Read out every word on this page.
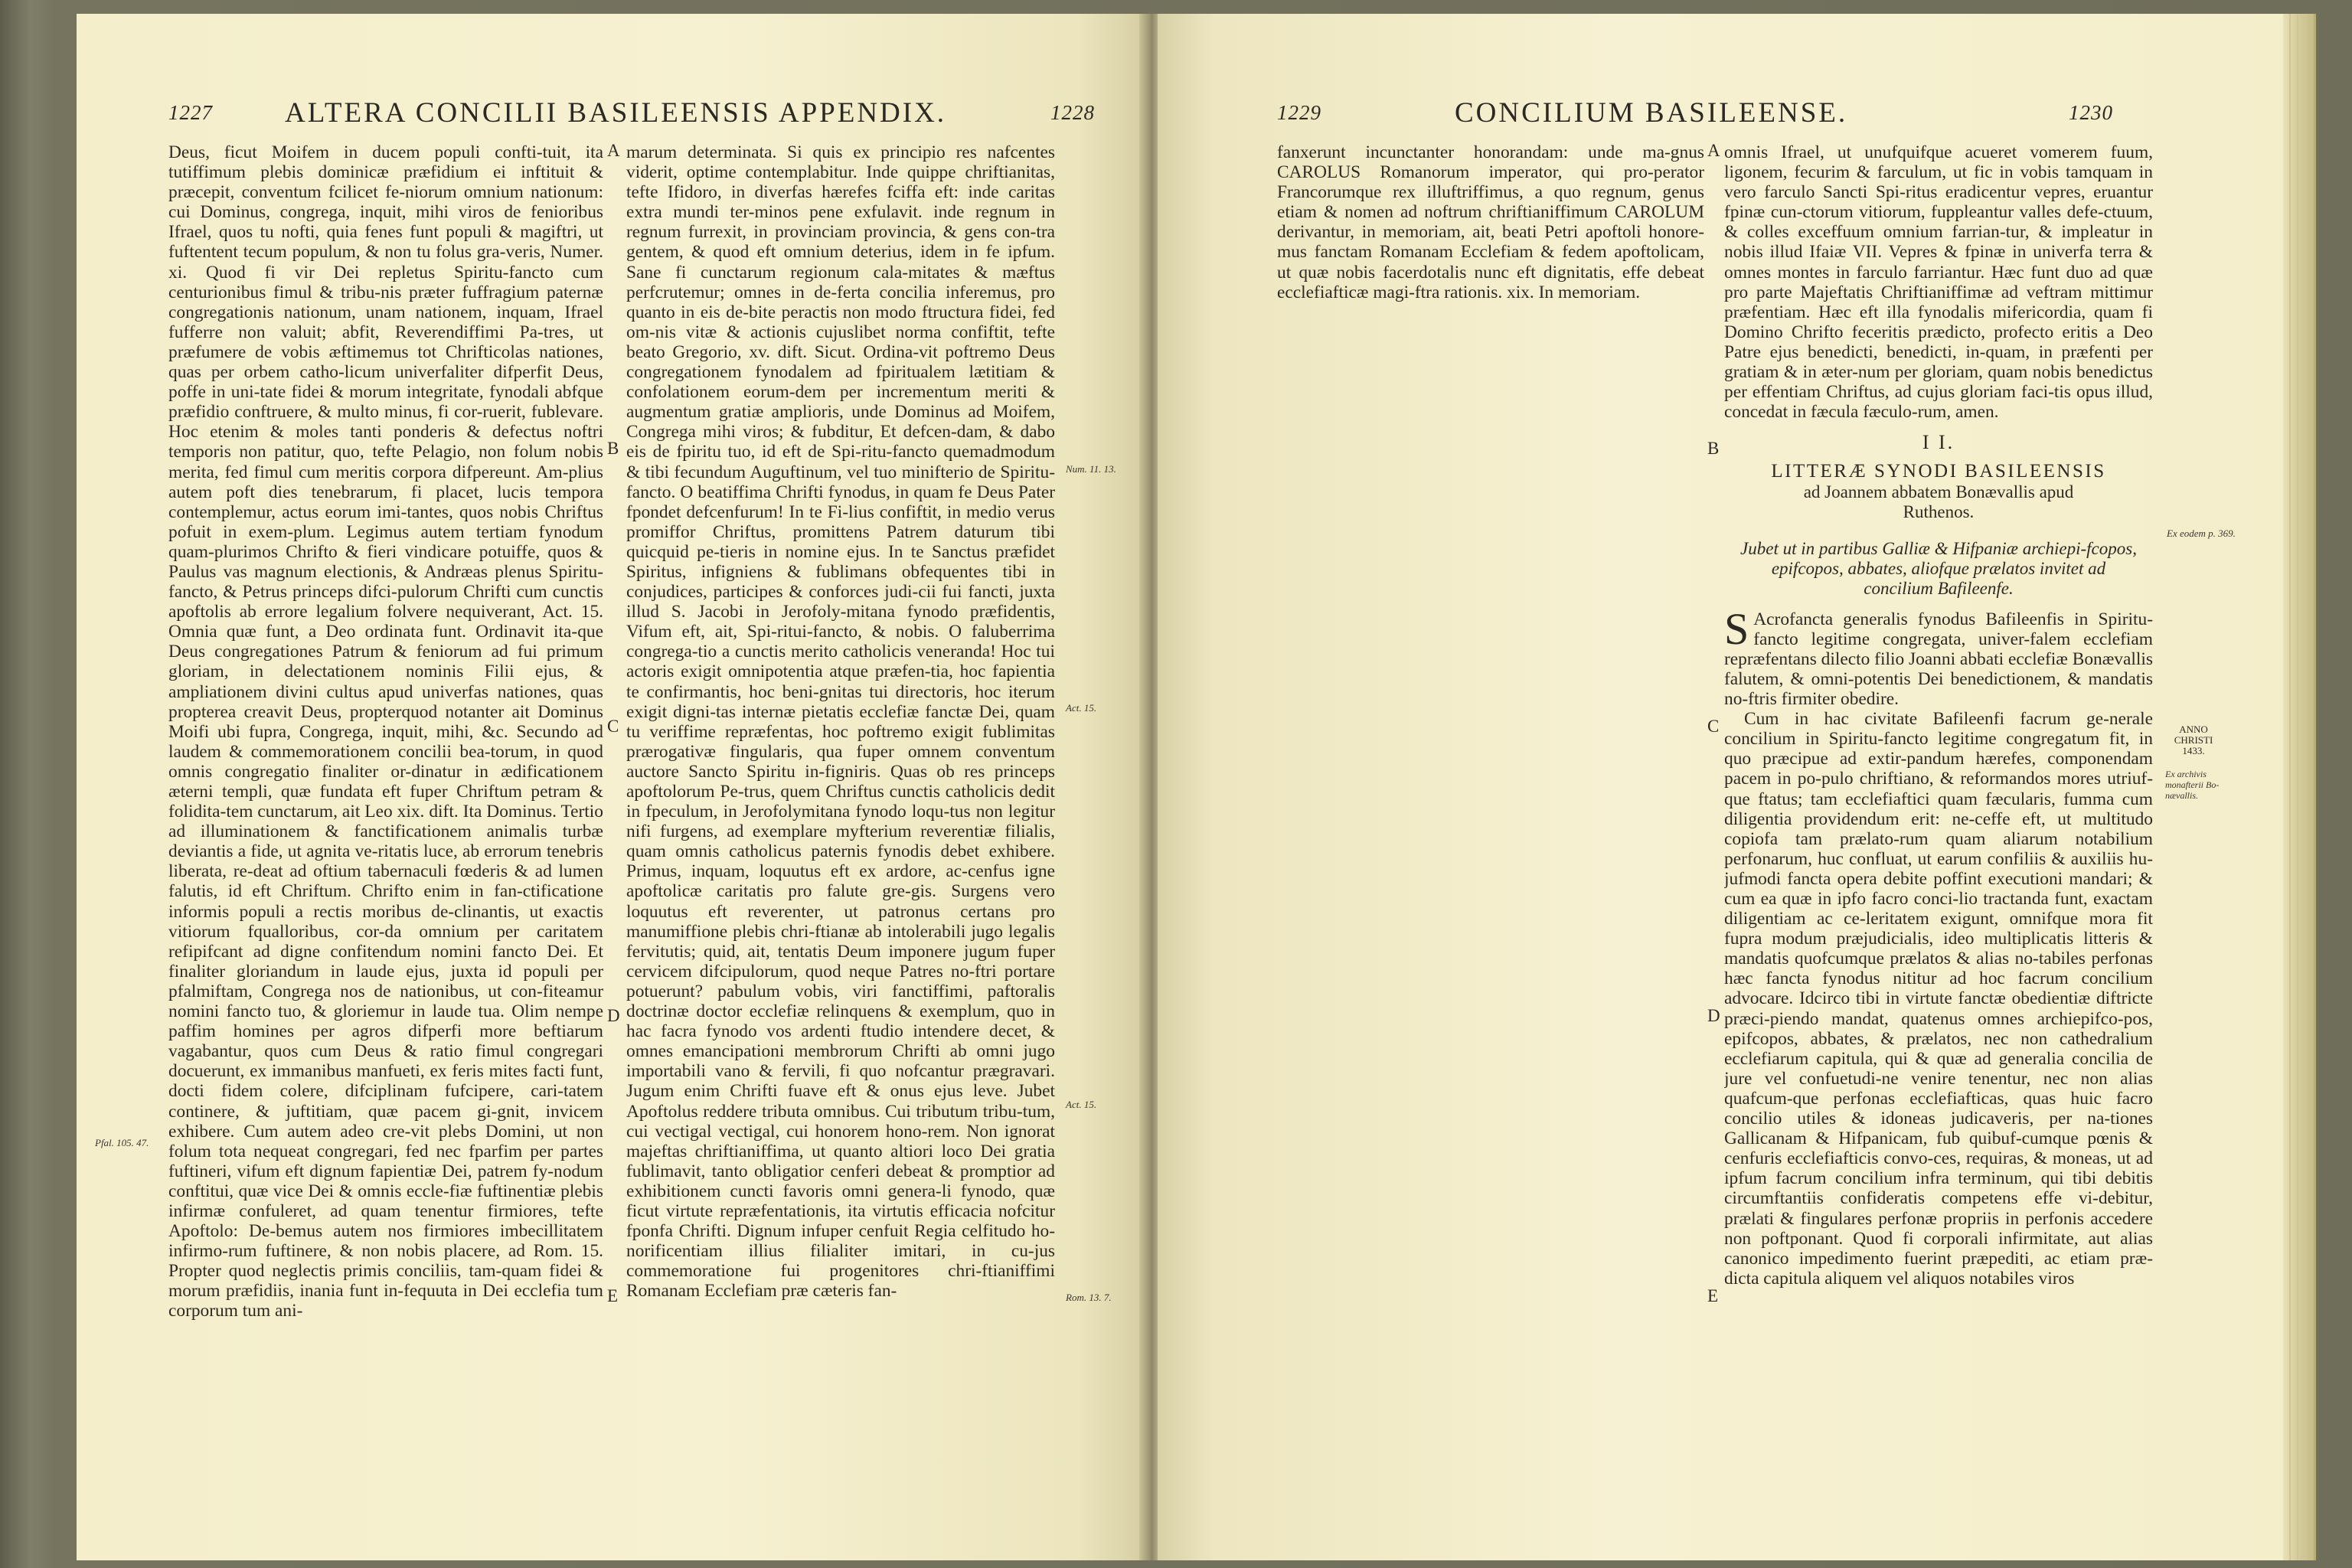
1227	ALTERA CONCILII BASILEENSIS APPENDIX.	1228

Deus, ficut Moifem in ducem populi confti-tuit, ita tutiffimum plebis dominicæ præfidium ei inftituit & præcepit, conventum fcilicet fe-niorum omnium nationum: cui Dominus, congrega, inquit, mihi viros de fenioribus Ifrael, quos tu nofti, quia fenes funt populi & magiftri, ut fuftentent tecum populum, & non tu folus gra-veris, Numer. xi. Quod fi vir Dei repletus Spiritu-fancto cum centurionibus fimul & tribu-nis præter fuffragium paternæ congregationis nationum, unam nationem, inquam, Ifrael fufferre non valuit; abfit, Reverendiffimi Pa-tres, ut præfumere de vobis æftimemus tot Chrifticolas nationes, quas per orbem catho-licum univerfaliter difperfit Deus, poffe in uni-tate fidei & morum integritate, fynodali abfque præfidio conftruere, & multo minus, fi cor-ruerit, fublevare. Hoc etenim & moles tanti ponderis & defectus noftri temporis non patitur, quo, tefte Pelagio, non folum nobis merita, fed fimul cum meritis corpora difpereunt. Am-plius autem poft dies tenebrarum, fi placet, lucis tempora contemplemur, actus eorum imi-tantes, quos nobis Chriftus pofuit in exem-plum. Legimus autem tertiam fynodum quam-plurimos Chrifto & fieri vindicare potuiffe, quos & Paulus vas magnum electionis, & Andræas plenus Spiritu-fancto, & Petrus princeps difci-pulorum Chrifti cum cunctis apoftolis ab errore legalium folvere nequiverant, Act. 15. Omnia quæ funt, a Deo ordinata funt. Ordinavit ita-que Deus congregationes Patrum & feniorum ad fui primum gloriam, in delectationem nominis Filii ejus, & ampliationem divini cultus apud univerfas nationes, quas propterea creavit Deus, propterquod notanter ait Dominus Moifi ubi fupra, Congrega, inquit, mihi, &c. Secundo ad laudem & commemorationem concilii bea-torum, in quod omnis congregatio finaliter or-dinatur in ædificationem æterni templi, quæ fundata eft fuper Chriftum petram & folidita-tem cunctarum, ait Leo xix. dift. Ita Dominus. Tertio ad illuminationem & fanctificationem animalis turbæ deviantis a fide, ut agnita ve-ritatis luce, ab errorum tenebris liberata, re-deat ad oftium tabernaculi fœderis & ad lumen falutis, id eft Chriftum. Chrifto enim in fan-ctificatione informis populi a rectis moribus de-clinantis, ut exactis vitiorum fqualloribus, cor-da omnium per caritatem refipifcant ad digne confitendum nomini fancto Dei. Et finaliter gloriandum in laude ejus, juxta id populi per pfalmiftam, Congrega nos de nationibus, ut con-fiteamur nomini fancto tuo, & gloriemur in laude tua. Olim nempe paffim homines per agros difperfi more beftiarum vagabantur, quos cum Deus & ratio fimul congregari docuerunt, ex immanibus manfueti, ex feris mites facti funt, docti fidem colere, difciplinam fufcipere, cari-tatem continere, & juftitiam, quæ pacem gi-gnit, invicem exhibere. Cum autem adeo cre-vit plebs Domini, ut non folum tota nequeat congregari, fed nec fparfim per partes fuftineri, vifum eft dignum fapientiæ Dei, patrem fy-nodum conftitui, quæ vice Dei & omnis eccle-fiæ fuftinentiæ plebis infirmæ confuleret, ad quam tenentur firmiores, tefte Apoftolo: De-bemus autem nos firmiores imbecillitatem infirmo-rum fuftinere, & non nobis placere, ad Rom. 15. Propter quod neglectis primis conciliis, tam-quam fidei & morum præfidiis, inania funt in-fequuta in Dei ecclefia tum corporum tum ani-

marum determinata. Si quis ex principio res nafcentes viderit, optime contemplabitur. Inde quippe chriftianitas, tefte Ifidoro, in diverfas hærefes fciffa eft: inde caritas extra mundi ter-minos pene exfulavit. inde regnum in regnum furrexit, in provinciam provincia, & gens con-tra gentem, & quod eft omnium deterius, idem in fe ipfum. Sane fi cunctarum regionum cala-mitates & mæftus perfcrutemur; omnes in de-ferta concilia inferemus, pro quanto in eis de-bite peractis non modo ftructura fidei, fed om-nis vitæ & actionis cujuslibet norma confiftit, tefte beato Gregorio, xv. dift. Sicut. Ordina-vit poftremo Deus congregationem fynodalem ad fpiritualem lætitiam & confolationem eorum-dem per incrementum meriti & augmentum gratiæ amplioris, unde Dominus ad Moifem, Congrega mihi viros; & fubditur, Et defcen-dam, & dabo eis de fpiritu tuo, id eft de Spi-ritu-fancto quemadmodum & tibi fecundum Auguftinum, vel tuo minifterio de Spiritu-fancto. O beatiffima Chrifti fynodus, in quam fe Deus Pater fpondet defcenfurum! In te Fi-lius confiftit, in medio verus promiffor Chriftus, promittens Patrem daturum tibi quicquid pe-tieris in nomine ejus. In te Sanctus præfidet Spiritus, infigniens & fublimans obfequentes tibi in conjudices, participes & conforces judi-cii fui fancti, juxta illud S. Jacobi in Jerofoly-mitana fynodo præfidentis, Vifum eft, ait, Spi-ritui-fancto, & nobis. O faluberrima congrega-tio a cunctis merito catholicis veneranda! Hoc tui actoris exigit omnipotentia atque præfen-tia, hoc fapientia te confirmantis, hoc beni-gnitas tui directoris, hoc iterum exigit digni-tas internæ pietatis ecclefiæ fanctæ Dei, quam tu veriffime repræfentas, hoc poftremo exigit fublimitas prærogativæ fingularis, qua fuper omnem conventum auctore Sancto Spiritu in-figniris. Quas ob res princeps apoftolorum Pe-trus, quem Chriftus cunctis catholicis dedit in fpeculum, in Jerofolymitana fynodo loqu-tus non legitur nifi furgens, ad exemplare myfterium reverentiæ filialis, quam omnis catholicus paternis fynodis debet exhibere. Primus, inquam, loquutus eft ex ardore, ac-cenfus igne apoftolicæ caritatis pro falute gre-gis. Surgens vero loquutus eft reverenter, ut patronus certans pro manumiffione plebis chri-ftianæ ab intolerabili jugo legalis fervitutis; quid, ait, tentatis Deum imponere jugum fuper cervicem difcipulorum, quod neque Patres no-ftri portare potuerunt? pabulum vobis, viri fanctiffimi, paftoralis doctrinæ doctor ecclefiæ relinquens & exemplum, quo in hac facra fynodo vos ardenti ftudio intendere decet, & omnes emancipationi membrorum Chrifti ab omni jugo importabili vano & fervili, fi quo nofcantur prægravari. Jugum enim Chrifti fuave eft & onus ejus leve. Jubet Apoftolus reddere tributa omnibus. Cui tributum tribu-tum, cui vectigal vectigal, cui honorem hono-rem. Non ignorat majeftas chriftianiffima, ut quanto altiori loco Dei gratia fublimavit, tanto obligatior cenferi debeat & promptior ad exhibitionem cuncti favoris omni genera-li fynodo, quæ ficut virtute repræfentationis, ita virtutis efficacia nofcitur fponfa Chrifti. Dignum infuper cenfuit Regia celfitudo ho-norificentiam illius filialiter imitari, in cu-jus commemoratione fui progenitores chri-ftianiffimi Romanam Ecclefiam præ cæteris fan-

A
B
C
D
E
Num. 11. 13.
Act. 15.
Act. 15.
Pfal. 105. 47.
Rom. 13. 7.
1229	CONCILIUM BASILEENSE.	1230

fanxerunt incunctanter honorandam: unde ma-gnus CAROLUS Romanorum imperator, qui pro-perator Francorumque rex illuftriffimus, a quo regnum, genus etiam & nomen ad noftrum chriftianiffimum CAROLUM derivantur, in memoriam, ait, beati Petri apoftoli honore-mus fanctam Romanam Ecclefiam & fedem apoftolicam, ut quæ nobis facerdotalis nunc eft dignitatis, effe debeat ecclefiafticæ magi-ftra rationis. xix. In memoriam.

omnis Ifrael, ut unufquifque acueret vomerem fuum, ligonem, fecurim & farculum, ut fic in vobis tamquam in vero farculo Sancti Spi-ritus eradicentur vepres, eruantur fpinæ cun-ctorum vitiorum, fuppleantur valles defe-ctuum, & colles exceffuum omnium farrian-tur, & impleatur in nobis illud Ifaiæ VII. Vepres & fpinæ in univerfa terra & omnes montes in farculo farriantur. Hæc funt duo ad quæ pro parte Majeftatis Chriftianiffimæ ad veftram mittimur præfentiam. Hæc eft illa fynodalis mifericordia, quam fi Domino Chrifto feceritis prædicto, profecto eritis a Deo Patre ejus benedicti, benedicti, in-quam, in præfenti per gratiam & in æter-num per gloriam, quam nobis benedictus per effentiam Chriftus, ad cujus gloriam faci-tis opus illud, concedat in fæcula fæculo-rum, amen.

I I.
LITTERÆ SYNODI BASILEENSIS
ad Joannem abbatem Bonævallis apud
Ruthenos.
Jubet ut in partibus Galliæ & Hifpaniæ archiepi-fcopos, epifcopos, abbates, aliofque prælatos invitet ad concilium Bafileenfe.

S Acrofancta generalis fynodus Bafileenfis in Spiritu-fancto legitime congregata, univer-falem ecclefiam repræfentans dilecto filio Joanni abbati ecclefiæ Bonævallis falutem, & omni-potentis Dei benedictionem, & mandatis no-ftris firmiter obedire.

Cum in hac civitate Bafileenfi facrum ge-nerale concilium in Spiritu-fancto legitime congregatum fit, in quo præcipue ad extir-pandum hærefes, componendam pacem in po-pulo chriftiano, & reformandos mores utriuf-que ftatus; tam ecclefiaftici quam fæcularis, fumma cum diligentia providendum erit: ne-ceffe eft, ut multitudo copiofa tam prælato-rum quam aliarum notabilium perfonarum, huc confluat, ut earum confiliis & auxiliis hu-jufmodi fancta opera debite poffint executioni mandari; & cum ea quæ in ipfo facro conci-lio tractanda funt, exactam diligentiam ac ce-leritatem exigunt, omnifque mora fit fupra modum præjudicialis, ideo multiplicatis litteris & mandatis quofcumque prælatos & alias no-tabiles perfonas hæc fancta fynodus nititur ad hoc facrum concilium advocare. Idcirco tibi in virtute fanctæ obedientiæ diftricte præci-piendo mandat, quatenus omnes archiepifco-pos, epifcopos, abbates, & prælatos, nec non cathedralium ecclefiarum capitula, qui & quæ ad generalia concilia de jure vel confuetudi-ne venire tenentur, nec non alias quafcum-que perfonas ecclefiafticas, quas huic facro concilio utiles & idoneas judicaveris, per na-tiones Gallicanam & Hifpanicam, fub quibuf-cumque pœnis & cenfuris ecclefiafticis convo-ces, requiras, & moneas, ut ad ipfum facrum concilium infra terminum, qui tibi debitis circumftantiis confideratis competens effe vi-debitur, prælati & fingulares perfonæ propriis in perfonis accedere non poftponant. Quod fi corporali infirmitate, aut alias canonico impedimento fuerint præpediti, ac etiam præ-dicta capitula aliquem vel aliquos notabiles viros

A
B
C
D
E
Ex eodem p. 369.
ANNO CHRISTI 1433.
Ex archivis monafterii Bo-nævallis.
